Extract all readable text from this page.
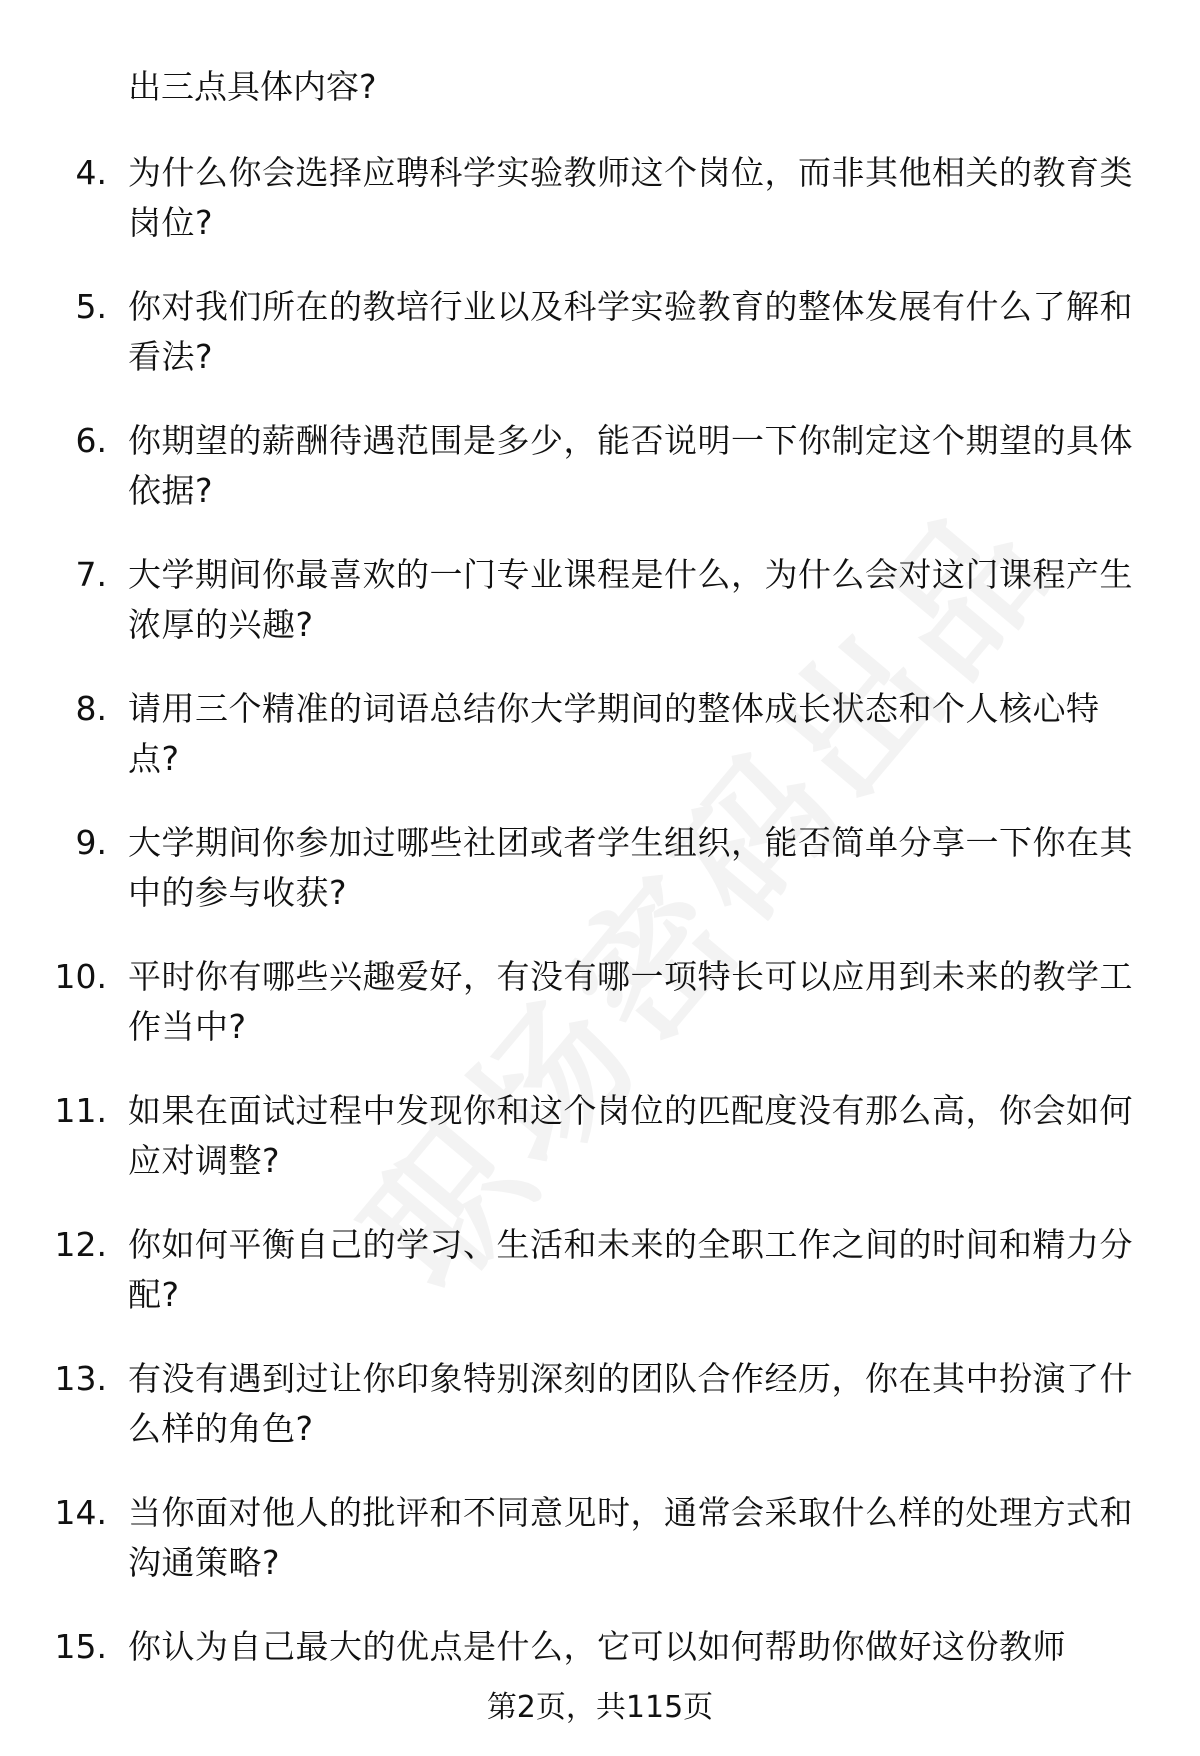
出三点具体内容?
4. 为什么你会选择应聘科学实验教师这个岗位，而非其他相关的教育类岗位?
5. 你对我们所在的教培行业以及科学实验教育的整体发展有什么了解和看法?
6. 你期望的薪酬待遇范围是多少，能否说明一下你制定这个期望的具体依据?
7. 大学期间你最喜欢的一门专业课程是什么，为什么会对这门课程产生浓厚的兴趣?
8. 请用三个精准的词语总结你大学期间的整体成长状态和个人核心特点?
9. 大学期间你参加过哪些社团或者学生组织，能否简单分享一下你在其中的参与收获?
10. 平时你有哪些兴趣爱好，有没有哪一项特长可以应用到未来的教学工作当中?
11. 如果在面试过程中发现你和这个岗位的匹配度没有那么高，你会如何应对调整?
12. 你如何平衡自己的学习、生活和未来的全职工作之间的时间和精力分配?
13. 有没有遇到过让你印象特别深刻的团队合作经历，你在其中扮演了什么样的角色?
14. 当你面对他人的批评和不同意见时，通常会采取什么样的处理方式和沟通策略?
15. 你认为自己最大的优点是什么，它可以如何帮助你做好这份教师
第2页，共115页
